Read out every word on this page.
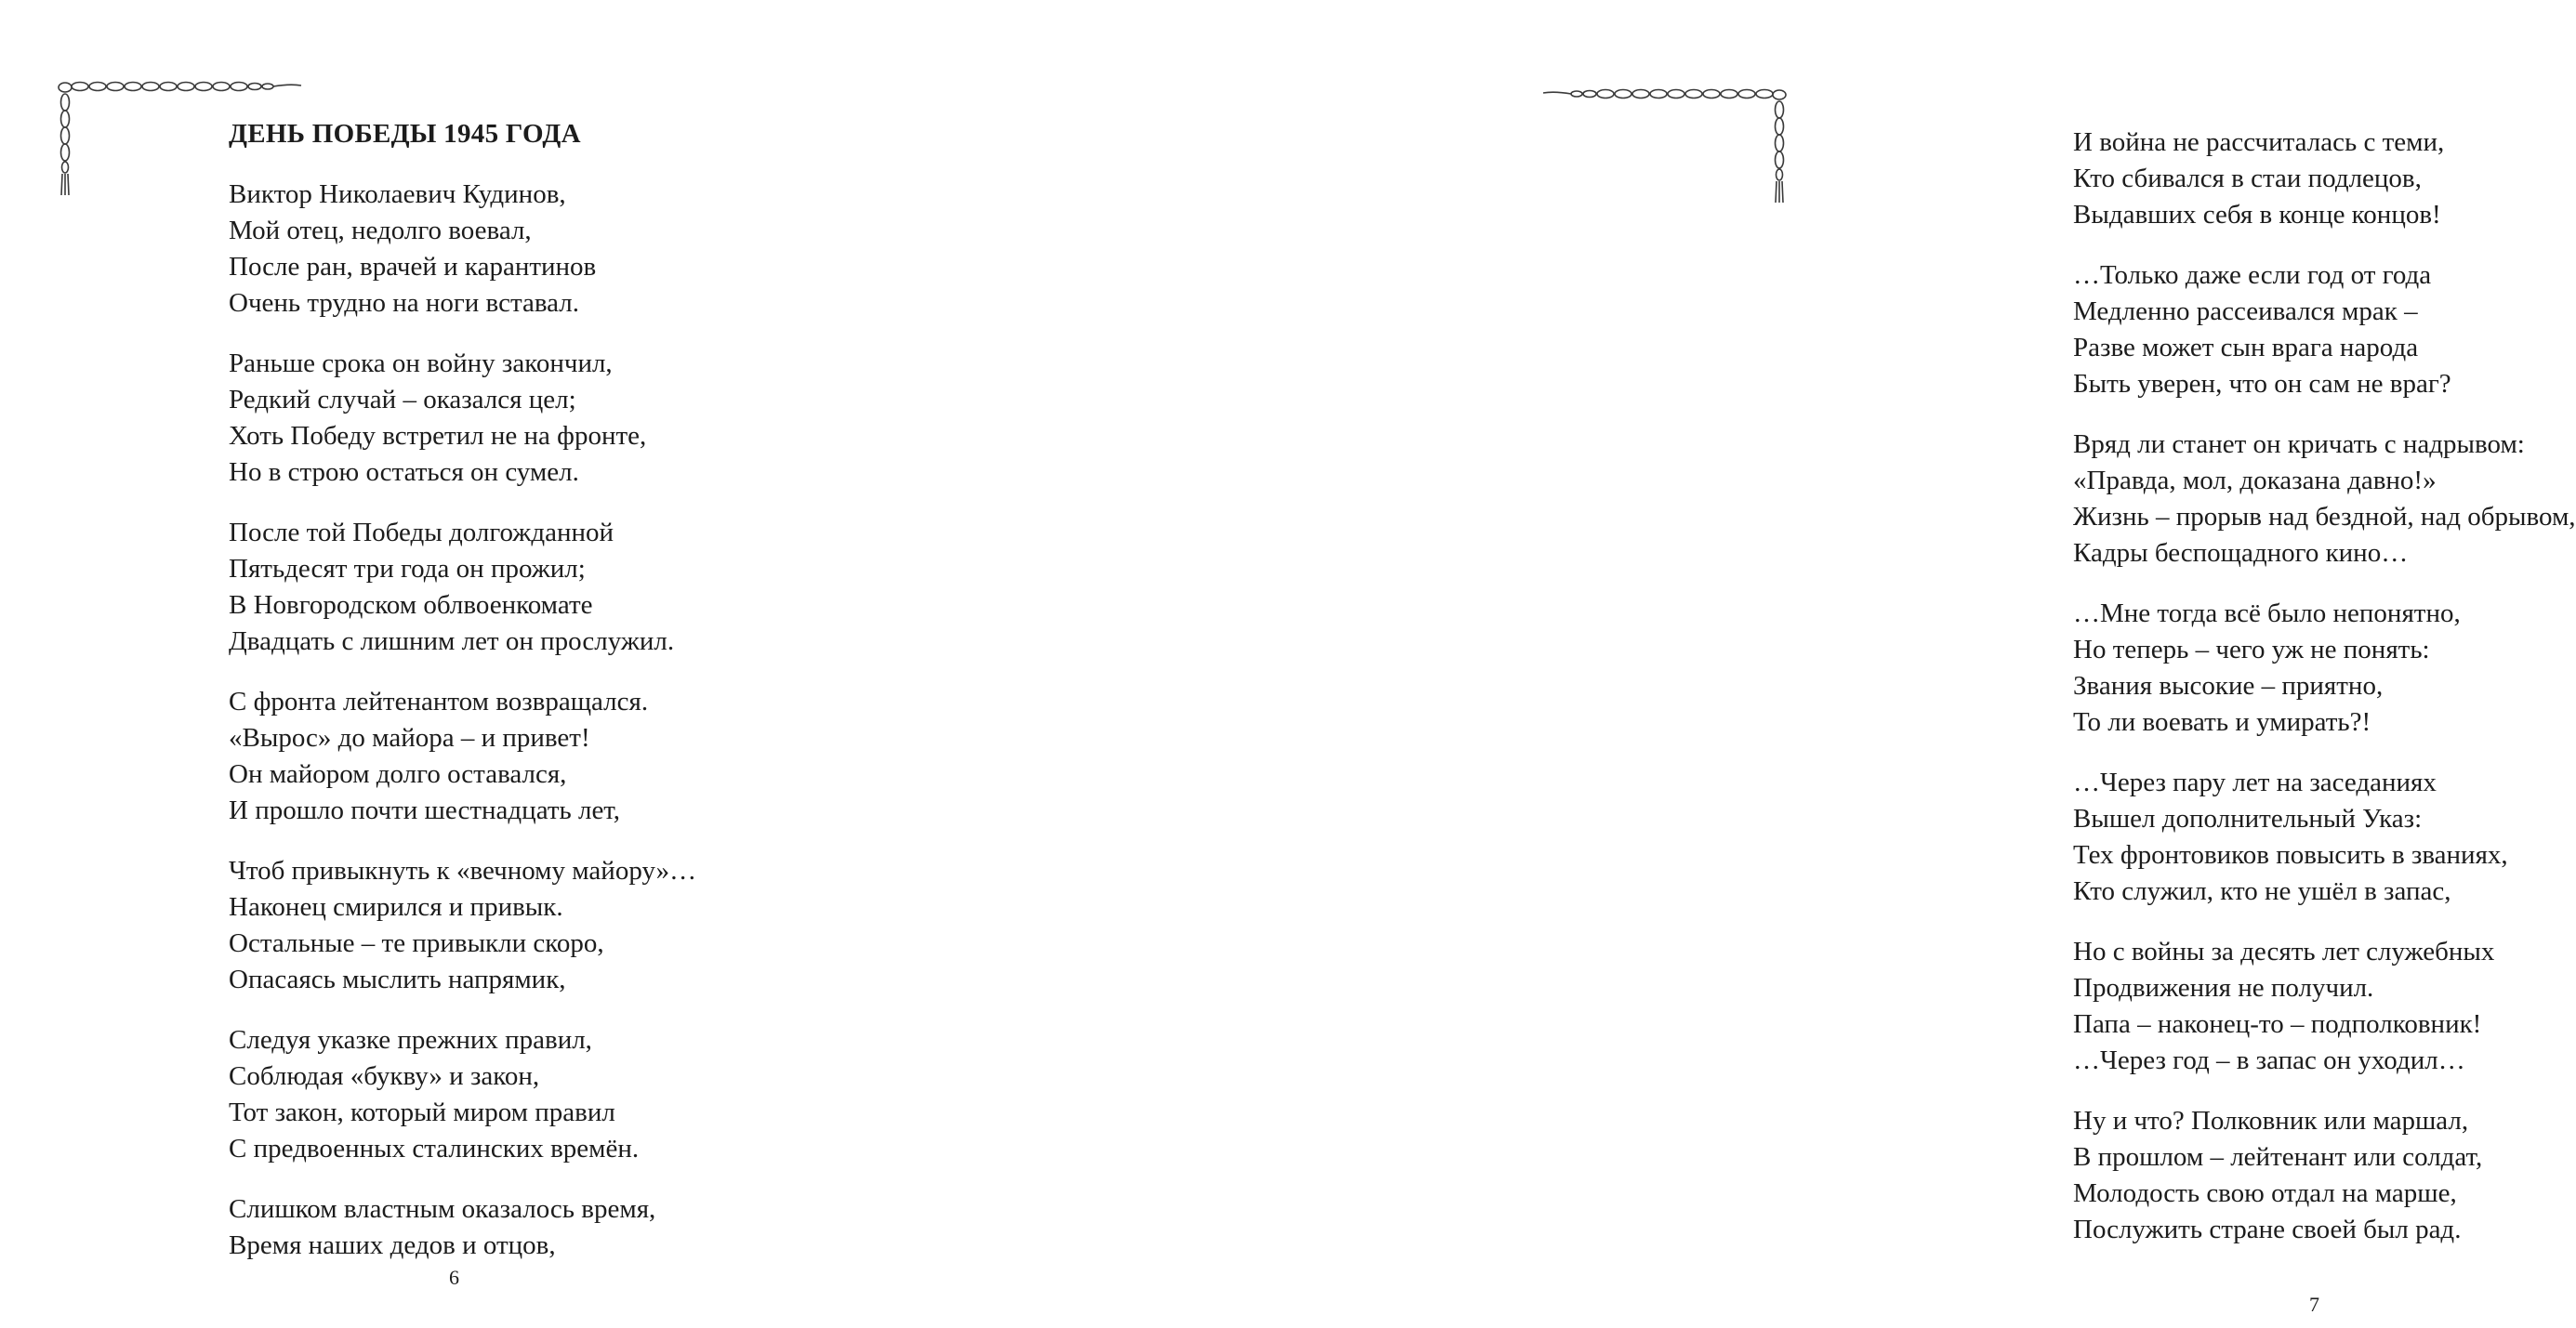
ДЕНЬ ПОБЕДЫ 1945 ГОДА
Виктор Николаевич Кудинов,
Мой отец, недолго воевал,
После ран, врачей и карантинов
Очень трудно на ноги вставал.
Раньше срока он войну закончил,
Редкий случай – оказался цел;
Хоть Победу встретил не на фронте,
Но в строю остаться он сумел.
После той Победы долгожданной
Пятьдесят три года он прожил;
В Новгородском облвоенкомате
Двадцать с лишним лет он прослужил.
С фронта лейтенантом возвращался.
«Вырос» до майора – и привет!
Он майором долго оставался,
И прошло почти шестнадцать лет,
Чтоб привыкнуть к «вечному майору»…
Наконец смирился и привык.
Остальные – те привыкли скоро,
Опасаясь мыслить напрямик,
Следуя указке прежних правил,
Соблюдая «букву» и закон,
Тот закон, который миром правил
С предвоенных сталинских времён.
Слишком властным оказалось время,
Время наших дедов и отцов,
6
И война не рассчиталась с теми,
Кто сбивался в стаи подлецов,
Выдавших себя в конце концов!
…Только даже если год от года
Медленно рассеивался мрак –
Разве может сын врага народа
Быть уверен, что он сам не враг?
Вряд ли станет он кричать с надрывом:
«Правда, мол, доказана давно!»
Жизнь – прорыв над бездной, над обрывом,
Кадры беспощадного кино…
…Мне тогда всё было непонятно,
Но теперь – чего уж не понять:
Звания высокие – приятно,
То ли воевать и умирать?!
…Через пару лет на заседаниях
Вышел дополнительный Указ:
Тех фронтовиков повысить в званиях,
Кто служил, кто не ушёл в запас,
Но с войны за десять лет служебных
Продвижения не получил.
Папа – наконец-то – подполковник!
…Через год – в запас он уходил…
Ну и что? Полковник или маршал,
В прошлом – лейтенант или солдат,
Молодость свою отдал на марше,
Послужить стране своей был рад.
7
